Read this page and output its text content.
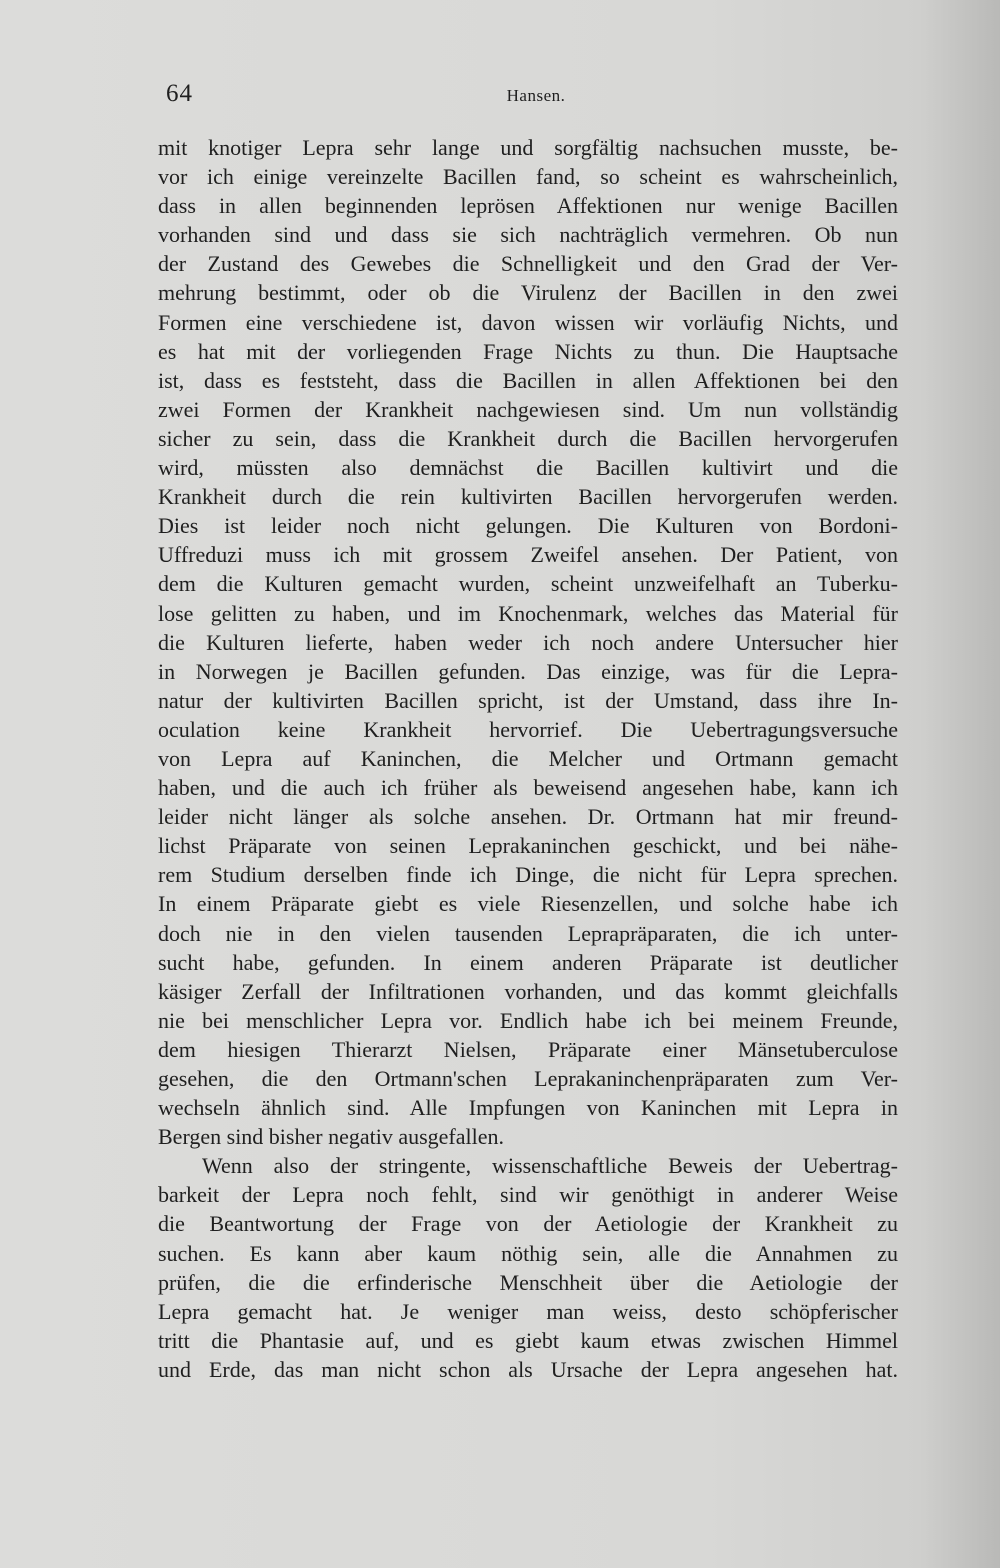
64	Hansen.
mit knotiger Lepra sehr lange und sorgfältig nachsuchen musste, be-
vor ich einige vereinzelte Bacillen fand, so scheint es wahrscheinlich,
dass in allen beginnenden leprösen Affektionen nur wenige Bacillen
vorhanden sind und dass sie sich nachträglich vermehren. Ob nun
der Zustand des Gewebes die Schnelligkeit und den Grad der Ver-
mehrung bestimmt, oder ob die Virulenz der Bacillen in den zwei
Formen eine verschiedene ist, davon wissen wir vorläufig Nichts, und
es hat mit der vorliegenden Frage Nichts zu thun. Die Hauptsache
ist, dass es feststeht, dass die Bacillen in allen Affektionen bei den
zwei Formen der Krankheit nachgewiesen sind. Um nun vollständig
sicher zu sein, dass die Krankheit durch die Bacillen hervorgerufen
wird, müssten also demnächst die Bacillen kultivirt und die
Krankheit durch die rein kultivirten Bacillen hervorgerufen werden.
Dies ist leider noch nicht gelungen. Die Kulturen von Bordoni-
Uffreduzi muss ich mit grossem Zweifel ansehen. Der Patient, von
dem die Kulturen gemacht wurden, scheint unzweifelhaft an Tuberku-
lose gelitten zu haben, und im Knochenmark, welches das Material für
die Kulturen lieferte, haben weder ich noch andere Untersucher hier
in Norwegen je Bacillen gefunden. Das einzige, was für die Lepra-
natur der kultivirten Bacillen spricht, ist der Umstand, dass ihre In-
oculation keine Krankheit hervorrief. Die Uebertragungsversuche
von Lepra auf Kaninchen, die Melcher und Ortmann gemacht
haben, und die auch ich früher als beweisend angesehen habe, kann ich
leider nicht länger als solche ansehen. Dr. Ortmann hat mir freund-
lichst Präparate von seinen Leprakaninchen geschickt, und bei nähe-
rem Studium derselben finde ich Dinge, die nicht für Lepra sprechen.
In einem Präparate giebt es viele Riesenzellen, und solche habe ich
doch nie in den vielen tausenden Leprapräparaten, die ich unter-
sucht habe, gefunden. In einem anderen Präparate ist deutlicher
käsiger Zerfall der Infiltrationen vorhanden, und das kommt gleichfalls
nie bei menschlicher Lepra vor. Endlich habe ich bei meinem Freunde,
dem hiesigen Thierarzt Nielsen, Präparate einer Mänsetuberculose
gesehen, die den Ortmann'schen Leprakaninchenpräparaten zum Ver-
wechseln ähnlich sind. Alle Impfungen von Kaninchen mit Lepra in
Bergen sind bisher negativ ausgefallen.
Wenn also der stringente, wissenschaftliche Beweis der Uebertrag-
barkeit der Lepra noch fehlt, sind wir genöthigt in anderer Weise
die Beantwortung der Frage von der Aetiologie der Krankheit zu
suchen. Es kann aber kaum nöthig sein, alle die Annahmen zu
prüfen, die die erfinderische Menschheit über die Aetiologie der
Lepra gemacht hat. Je weniger man weiss, desto schöpferischer
tritt die Phantasie auf, und es giebt kaum etwas zwischen Himmel
und Erde, das man nicht schon als Ursache der Lepra angesehen hat.
